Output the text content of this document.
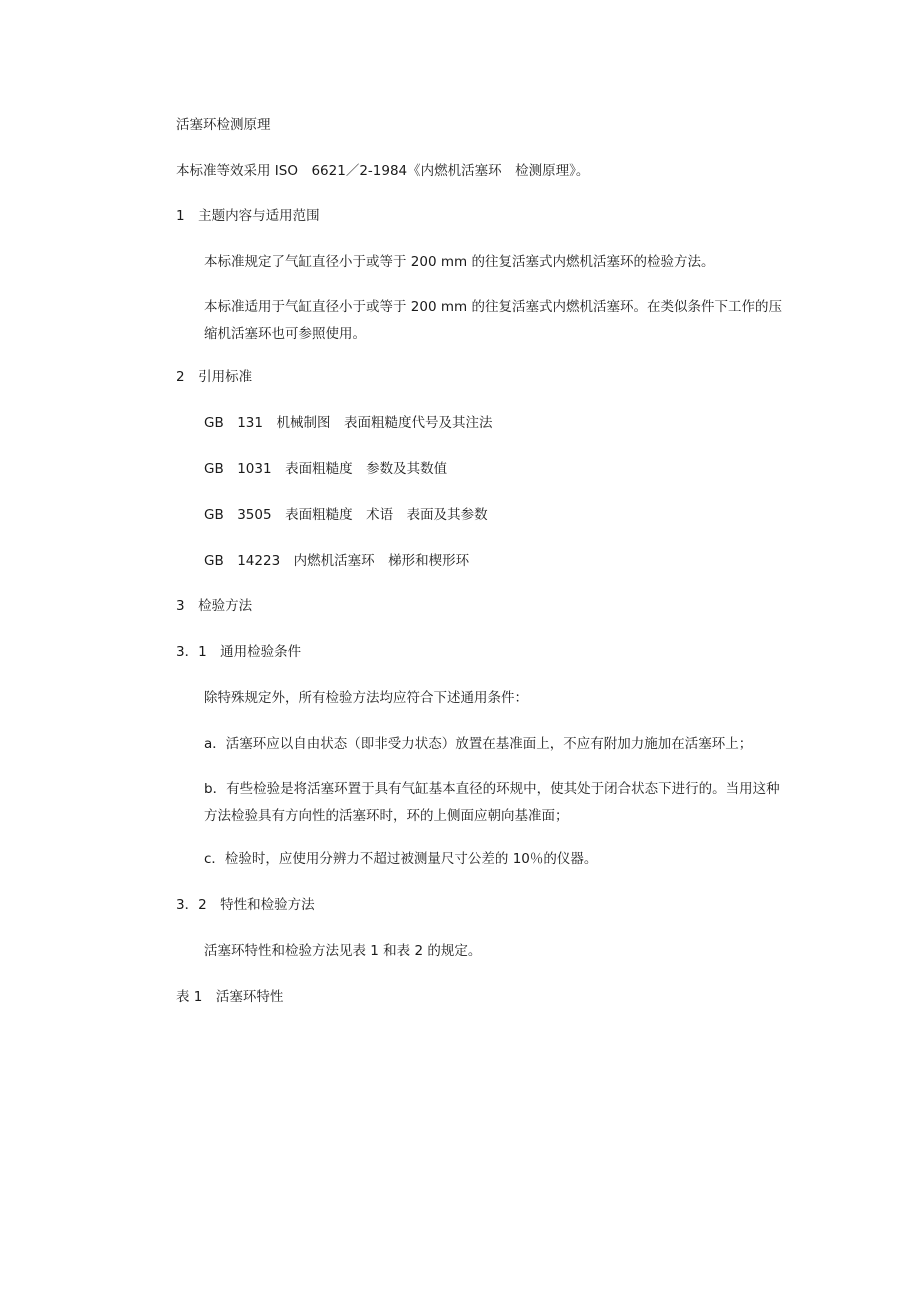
活塞环检测原理
本标准等效采用 ISO　6621／2-1984《内燃机活塞环　检测原理》。
1　主题内容与适用范围
本标准规定了气缸直径小于或等于 200 mm 的往复活塞式内燃机活塞环的检验方法。
本标准适用于气缸直径小于或等于 200 mm 的往复活塞式内燃机活塞环。在类似条件下工作的压缩机活塞环也可参照使用。
2　引用标准
GB　131　机械制图　表面粗糙度代号及其注法
GB　1031　表面粗糙度　参数及其数值
GB　3505　表面粗糙度　术语　表面及其参数
GB　14223　内燃机活塞环　梯形和楔形环
3　检验方法
3．1　通用检验条件
除特殊规定外，所有检验方法均应符合下述通用条件：
a．活塞环应以自由状态（即非受力状态）放置在基准面上，不应有附加力施加在活塞环上；
b．有些检验是将活塞环置于具有气缸基本直径的环规中，使其处于闭合状态下进行的。当用这种方法检验具有方向性的活塞环时，环的上侧面应朝向基准面；
c．检验时，应使用分辨力不超过被测量尺寸公差的 10％的仪器。
3．2　特性和检验方法
活塞环特性和检验方法见表 1 和表 2 的规定。
表 1　活塞环特性
